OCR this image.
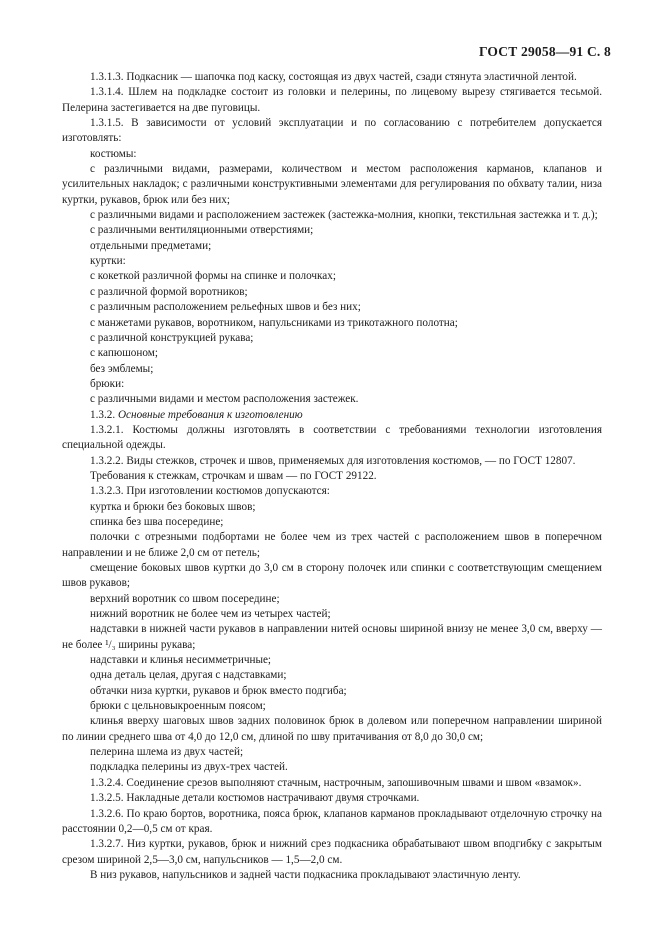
ГОСТ 29058—91 С. 8

1.3.1.3. Подкасник — шапочка под каску, состоящая из двух частей, сзади стянута эластичной лентой.

1.3.1.4. Шлем на подкладке состоит из головки и пелерины, по лицевому вырезу стягивается тесьмой. Пелерина застегивается на две пуговицы.

1.3.1.5. В зависимости от условий эксплуатации и по согласованию с потребителем допускается изготовлять:

костюмы:

с различными видами, размерами, количеством и местом расположения карманов, клапанов и усилительных накладок; с различными конструктивными элементами для регулирования по обхвату талии, низа куртки, рукавов, брюк или без них;

с различными видами и расположением застежек (застежка-молния, кнопки, текстильная застежка и т. д.);

с различными вентиляционными отверстиями;

отдельными предметами;

куртки:

с кокеткой различной формы на спинке и полочках;

с различной формой воротников;

с различным расположением рельефных швов и без них;

с манжетами рукавов, воротником, напульсниками из трикотажного полотна;

с различной конструкцией рукава;

с капюшоном;

без эмблемы;

брюки:

с различными видами и местом расположения застежек.

1.3.2. Основные требования к изготовлению

1.3.2.1. Костюмы должны изготовлять в соответствии с требованиями технологии изготовления специальной одежды.

1.3.2.2. Виды стежков, строчек и швов, применяемых для изготовления костюмов, — по ГОСТ 12807.

Требования к стежкам, строчкам и швам — по ГОСТ 29122.

1.3.2.3. При изготовлении костюмов допускаются:

куртка и брюки без боковых швов;

спинка без шва посередине;

полочки с отрезными подбортами не более чем из трех частей с расположением швов в поперечном направлении и не ближе 2,0 см от петель;

смещение боковых швов куртки до 3,0 см в сторону полочек или спинки с соответствующим смещением швов рукавов;

верхний воротник со швом посередине;

нижний воротник не более чем из четырех частей;

надставки в нижней части рукавов в направлении нитей основы шириной внизу не менее 3,0 см, вверху — не более ¹/₃ ширины рукава;

надставки и клинья несимметричные;

одна деталь целая, другая с надставками;

обтачки низа куртки, рукавов и брюк вместо подгиба;

брюки с цельновыкроенным поясом;

клинья вверху шаговых швов задних половинок брюк в долевом или поперечном направлении шириной по линии среднего шва от 4,0 до 12,0 см, длиной по шву притачивания от 8,0 до 30,0 см;

пелерина шлема из двух частей;

подкладка пелерины из двух-трех частей.

1.3.2.4. Соединение срезов выполняют стачным, настрочным, запошивочным швами и швом «взамок».

1.3.2.5. Накладные детали костюмов настрачивают двумя строчками.

1.3.2.6. По краю бортов, воротника, пояса брюк, клапанов карманов прокладывают отделочную строчку на расстоянии 0,2—0,5 см от края.

1.3.2.7. Низ куртки, рукавов, брюк и нижний срез подкасника обрабатывают швом вподгибку с закрытым срезом шириной 2,5—3,0 см, напульсников — 1,5—2,0 см.

В низ рукавов, напульсников и задней части подкасника прокладывают эластичную ленту.
